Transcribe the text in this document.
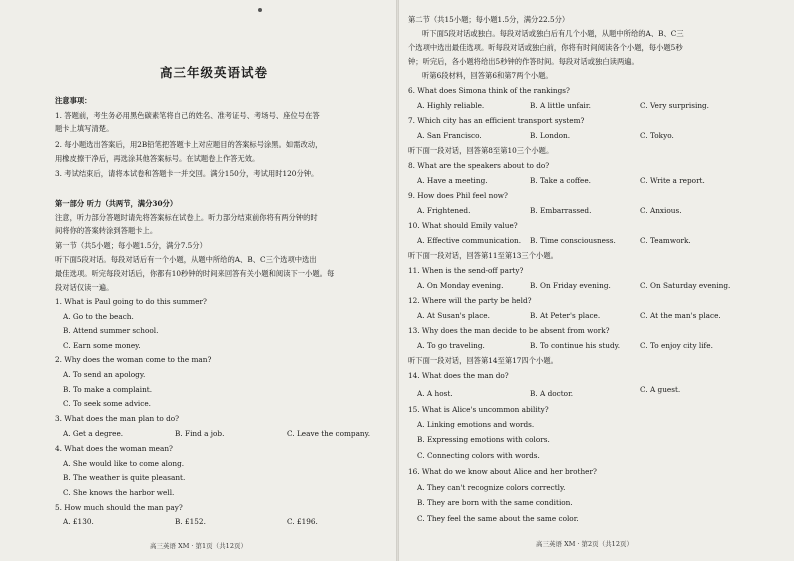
高三年级英语试卷
注意事项：
1. 答题前，考生务必用黑色碳素笔将自己的姓名、准考证号、考场号、座位号在答
题卡上填写清楚。
2. 每小题选出答案后，用2B铅笔把答题卡上对应题目的答案标号涂黑。如需改动，
用橡皮擦干净后，再选涂其他答案标号。在试题卷上作答无效。
3. 考试结束后，请将本试卷和答题卡一并交回。满分150分，考试用时120分钟。
第一部分 听力（共两节，满分30分）
注意，听力部分答题时请先将答案标在试卷上。听力部分结束前你将有两分钟的时
间将你的答案转涂到答题卡上。
第一节（共5小题；每小题1.5分，满分7.5分）
听下面5段对话。每段对话后有一个小题，从题中所给的A、B、C三个选项中选出
最佳选项。听完每段对话后，你都有10秒钟的时间来回答有关小题和阅读下一小题。每
段对话仅读一遍。
1. What is Paul going to do this summer?
A. Go to the beach.
B. Attend summer school.
C. Earn some money.
2. Why does the woman come to the man?
A. To send an apology.
B. To make a complaint.
C. To seek some advice.
3. What does the man plan to do?
A. Get a degree.	B. Find a job.	C. Leave the company.
4. What does the woman mean?
A. She would like to come along.
B. The weather is quite pleasant.
C. She knows the harbor well.
5. How much should the man pay?
A. £130.	B. £152.	C. £196.
高三英语 XM · 第1页（共12页）
第二节（共15小题；每小题1.5分，满分22.5分）
听下面5段对话或独白。每段对话或独白后有几个小题，从题中所给的A、B、C三
个选项中选出最佳选项。听每段对话或独白前，你将有时间阅读各个小题，每小题5秒
钟；听完后，各小题将给出5秒钟的作答时间。每段对话或独白读两遍。
听第6段材料，回答第6和第7两个小题。
6. What does Simona think of the rankings?
A. Highly reliable.	B. A little unfair.	C. Very surprising.
7. Which city has an efficient transport system?
A. San Francisco.	B. London.	C. Tokyo.
听下面一段对话，回答第8至第10三个小题。
8. What are the speakers about to do?
A. Have a meeting.	B. Take a coffee.	C. Write a report.
9. How does Phil feel now?
A. Frightened.	B. Embarrassed.	C. Anxious.
10. What should Emily value?
A. Effective communication. B. Time consciousness.	C. Teamwork.
听下面一段对话，回答第11至第13三个小题。
11. When is the send-off party?
A. On Monday evening.	B. On Friday evening.	C. On Saturday evening.
12. Where will the party be held?
A. At Susan's place.	B. At Peter's place.	C. At the man's place.
13. Why does the man decide to be absent from work?
A. To go traveling.	B. To continue his study.	C. To enjoy city life.
听下面一段对话，回答第14至第17四个小题。
14. What does the man do?
A. A host.	B. A doctor.	C. A guest.
15. What is Alice's uncommon ability?
A. Linking emotions and words.
B. Expressing emotions with colors.
C. Connecting colors with words.
16. What do we know about Alice and her brother?
A. They can't recognize colors correctly.
B. They are born with the same condition.
C. They feel the same about the same color.
高三英语 XM · 第2页（共12页）
